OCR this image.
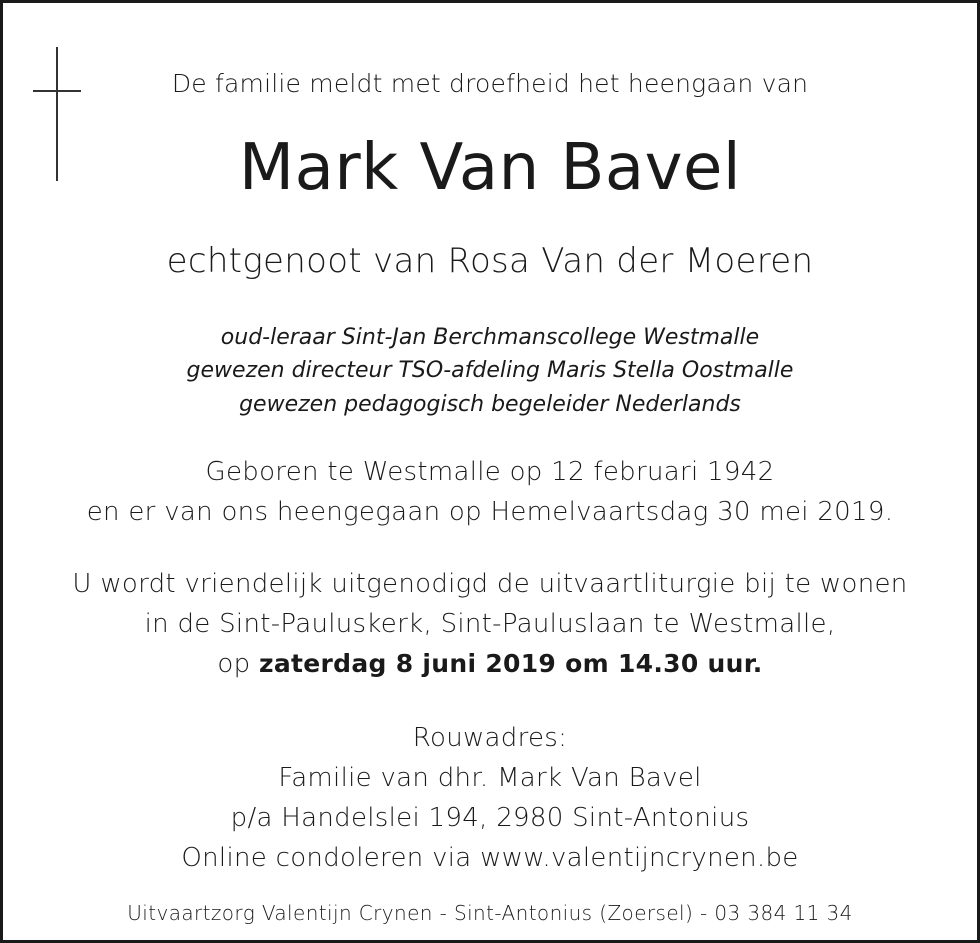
De familie meldt met droefheid het heengaan van
Mark Van Bavel
echtgenoot van Rosa Van der Moeren
oud-leraar Sint-Jan Berchmanscollege Westmalle
gewezen directeur TSO-afdeling Maris Stella Oostmalle
gewezen pedagogisch begeleider Nederlands
Geboren te Westmalle op 12 februari 1942
en er van ons heengegaan op Hemelvaartsdag 30 mei 2019.
U wordt vriendelijk uitgenodigd de uitvaartliturgie bij te wonen
in de Sint-Pauluskerk, Sint-Pauluslaan te Westmalle,
op zaterdag 8 juni 2019 om 14.30 uur.
Rouwadres:
Familie van dhr. Mark Van Bavel
p/a Handelslei 194, 2980 Sint-Antonius
Online condoleren via www.valentijncrynen.be
Uitvaartzorg Valentijn Crynen - Sint-Antonius (Zoersel) - 03 384 11 34
